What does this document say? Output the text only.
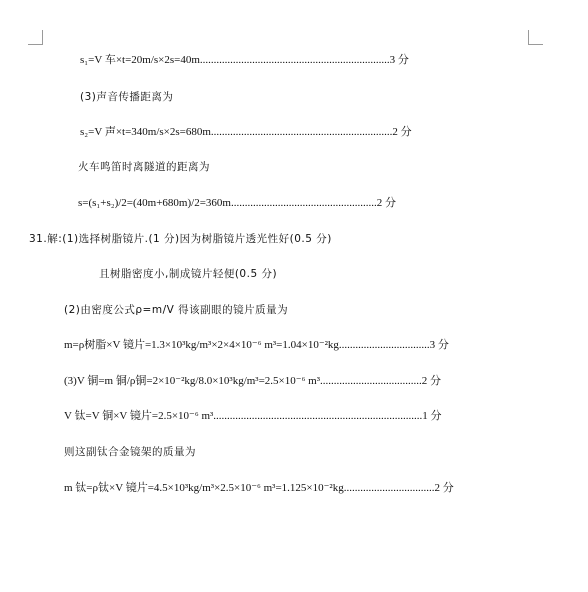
s₁=V 车×t=20m/s×2s=40m.....................................................................3 分
(3)声音传播距离为
s₂=V 声×t=340m/s×2s=680m..................................................................2 分
火车鸣笛时离隧道的距离为
s=(s₁+s₂)/2=(40m+680m)/2=360m.....................................................2 分
31.解:(1)选择树脂镜片.(1 分)因为树脂镜片透光性好(0.5 分)
且树脂密度小,制成镜片轻便(0.5 分)
(2)由密度公式ρ=m/V 得该副眼的镜片质量为
m=ρ树脂×V 镜片=1.3×10³kg/m³×2×4×10⁻⁶ m³=1.04×10⁻²kg.................................3 分
(3)V 铜=m 铜/ρ铜=2×10⁻²kg/8.0×10³kg/m³=2.5×10⁻⁶ m³.....................................2 分
V 钛=V 铜×V 镜片=2.5×10⁻⁶ m³............................................................................1 分
则这副钛合金镜架的质量为
m 钛=ρ钛×V 镜片=4.5×10³kg/m³×2.5×10⁻⁶ m³=1.125×10⁻²kg.................................2 分
